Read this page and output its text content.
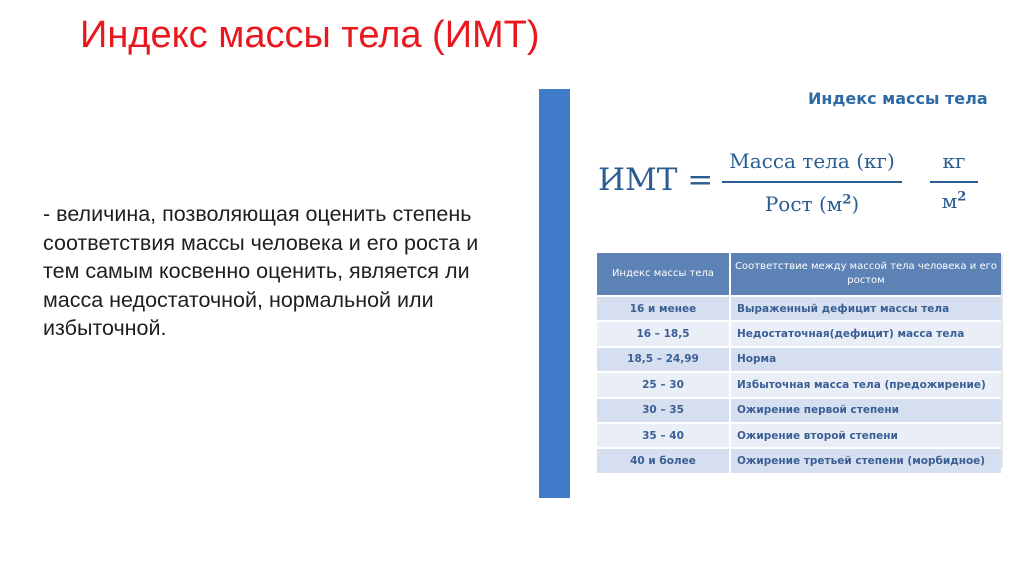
Индекс массы тела (ИМТ)
- величина, позволяющая оценить степень соответствия массы человека и его роста и тем самым косвенно оценить, является ли масса недостаточной, нормальной или избыточной.
Индекс массы тела
ИМТ =
Масса тела (кг)
Рост $(м^2)$
кг
$м^2$
Индекс массы тела	Соответствие между массой тела человека и его ростом
16 и менее	Выраженный дефицит массы тела
16 – 18,5	Недостаточная(дефицит) масса тела
18,5 – 24,99	Норма
25 – 30	Избыточная масса тела (предожирение)
30 – 35	Ожирение первой степени
35 – 40	Ожирение второй степени
40 и более	Ожирение третьей степени (морбидное)
